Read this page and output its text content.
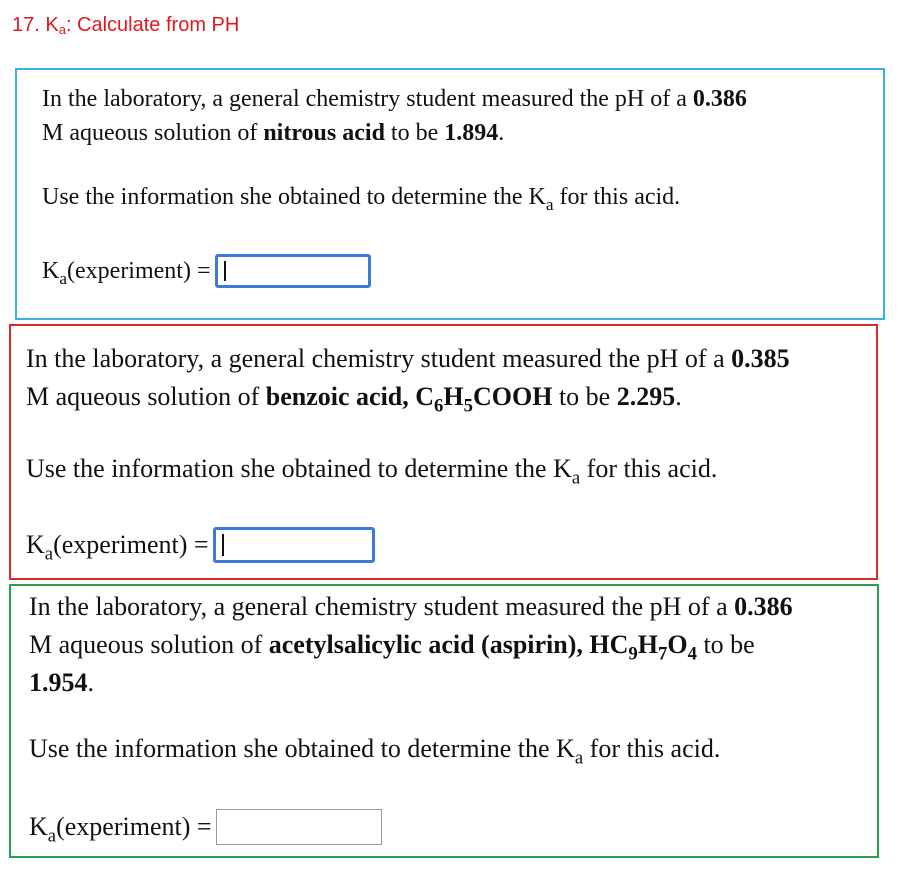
17. $K_a$: Calculate from PH

In the laboratory, a general chemistry student measured the pH of a 0.386
M aqueous solution of nitrous acid to be 1.894.

Use the information she obtained to determine the $K_a$ for this acid.

$K_a(experiment)$ =

In the laboratory, a general chemistry student measured the pH of a 0.385
M aqueous solution of benzoic acid, $C_6H_5COOH$ to be 2.295.

Use the information she obtained to determine the $K_a$ for this acid.

$K_a(experiment)$ =

In the laboratory, a general chemistry student measured the pH of a 0.386
M aqueous solution of acetylsalicylic acid (aspirin), $HC_9H_7O_4$ to be
1.954.

Use the information she obtained to determine the $K_a$ for this acid.

$K_a(experiment)$ =
